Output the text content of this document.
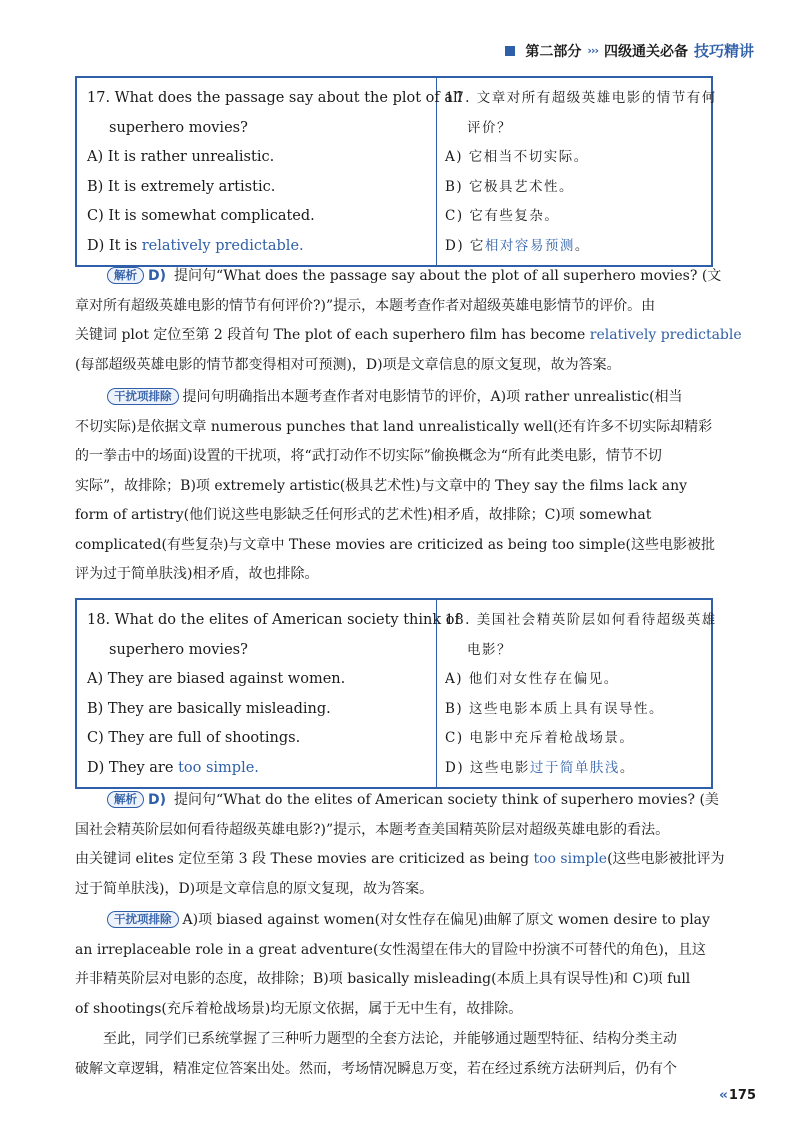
第二部分 ››› 四级通关必备 技巧精讲
17. What does the passage say about the plot of all
superhero movies?
A) It is rather unrealistic.
B) It is extremely artistic.
C) It is somewhat complicated.
D) It is relatively predictable.
17. 文章对所有超级英雄电影的情节有何
评价？
A) 它相当不切实际。
B) 它极具艺术性。
C) 它有些复杂。
D) 它相对容易预测。
解析 D) 提问句“What does the passage say about the plot of all superhero movies? (文
章对所有超级英雄电影的情节有何评价?)”提示，本题考查作者对超级英雄电影情节的评价。由
关键词 plot 定位至第 2 段首句 The plot of each superhero film has become relatively predictable
(每部超级英雄电影的情节都变得相对可预测)，D)项是文章信息的原文复现，故为答案。
干扰项排除 提问句明确指出本题考查作者对电影情节的评价，A)项 rather unrealistic(相当
不切实际)是依据文章 numerous punches that land unrealistically well(还有许多不切实际却精彩
的一拳击中的场面)设置的干扰项，将“武打动作不切实际”偷换概念为“所有此类电影，情节不切
实际”，故排除；B)项 extremely artistic(极具艺术性)与文章中的 They say the films lack any
form of artistry(他们说这些电影缺乏任何形式的艺术性)相矛盾，故排除；C)项 somewhat
complicated(有些复杂)与文章中 These movies are criticized as being too simple(这些电影被批
评为过于简单肤浅)相矛盾，故也排除。
18. What do the elites of American society think of
superhero movies?
A) They are biased against women.
B) They are basically misleading.
C) They are full of shootings.
D) They are too simple.
18. 美国社会精英阶层如何看待超级英雄
电影？
A) 他们对女性存在偏见。
B) 这些电影本质上具有误导性。
C) 电影中充斥着枪战场景。
D) 这些电影过于简单肤浅。
解析 D) 提问句“What do the elites of American society think of superhero movies? (美
国社会精英阶层如何看待超级英雄电影?)”提示，本题考查美国精英阶层对超级英雄电影的看法。
由关键词 elites 定位至第 3 段 These movies are criticized as being too simple(这些电影被批评为
过于简单肤浅)，D)项是文章信息的原文复现，故为答案。
干扰项排除 A)项 biased against women(对女性存在偏见)曲解了原文 women desire to play
an irreplaceable role in a great adventure(女性渴望在伟大的冒险中扮演不可替代的角色)，且这
并非精英阶层对电影的态度，故排除；B)项 basically misleading(本质上具有误导性)和 C)项 full
of shootings(充斥着枪战场景)均无原文依据，属于无中生有，故排除。
至此，同学们已系统掌握了三种听力题型的全套方法论，并能够通过题型特征、结构分类主动
破解文章逻辑，精准定位答案出处。然而，考场情况瞬息万变，若在经过系统方法研判后，仍有个
‹‹ 175
